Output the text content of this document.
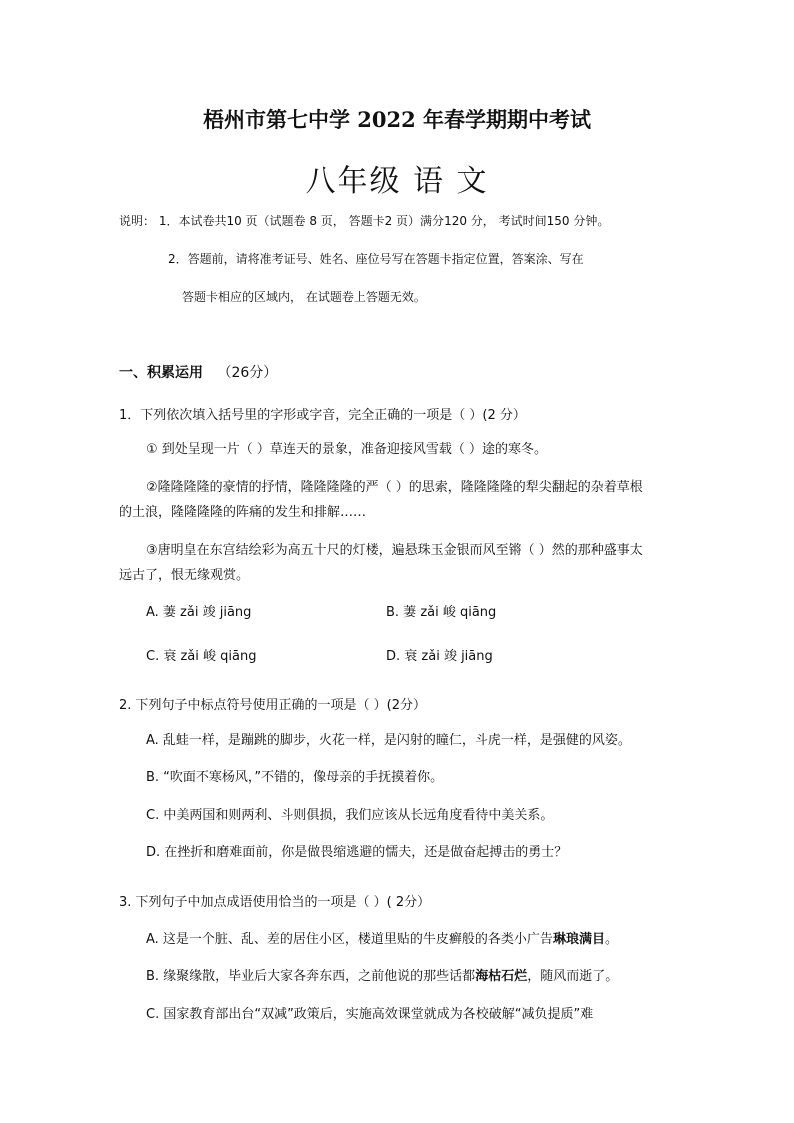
梧州市第七中学 2022 年春学期期中考试
八年级 语 文
说明： 1．本试卷共10 页（试题卷 8 页， 答题卡2 页）满分120 分， 考试时间150 分钟。
2．答题前，请将准考证号、姓名、座位号写在答题卡指定位置，答案涂、写在
答题卡相应的区域内， 在试题卷上答题无效。
一、积累运用 （26分）
1．下列依次填入括号里的字形或字音，完全正确的一项是（ ）(2 分）
① 到处呈现一片（ ）草连天的景象，准备迎接风雪载（ ）途的寒冬。
②隆隆隆隆的豪情的抒情，隆隆隆隆的严（ ）的思索，隆隆隆隆的犁尖翻起的杂着草根
的土浪，隆隆隆隆的阵痛的发生和排解……
③唐明皇在东宫结绘彩为高五十尺的灯楼，遍悬珠玉金银而风至锵（ ）然的那种盛事太
远古了，恨无缘观赏。
A. 萋 zǎi 竣 jiāng	B. 萋 zǎi 峻 qiāng
C. 衰 zǎi 峻 qiāng	D. 衰 zǎi 竣 jiāng
2. 下列句子中标点符号使用正确的一项是（ ）(2分）
A. 乱蛙一样，是蹦跳的脚步，火花一样，是闪射的瞳仁，斗虎一样，是强健的风姿。
B. “吹面不寒杨风，”不错的，像母亲的手抚摸着你。
C. 中美两国和则两利、斗则俱损，我们应该从长远角度看待中美关系。
D. 在挫折和磨难面前，你是做畏缩逃避的懦夫，还是做奋起搏击的勇士？
3. 下列句子中加点成语使用恰当的一项是（ ）( 2分）
A. 这是一个脏、乱、差的居住小区，楼道里贴的牛皮癣般的各类小广告琳琅满目。
B. 缘聚缘散，毕业后大家各奔东西，之前他说的那些话都海枯石烂，随风而逝了。
C. 国家教育部出台“双减”政策后，实施高效课堂就成为各校破解“减负提质”难
